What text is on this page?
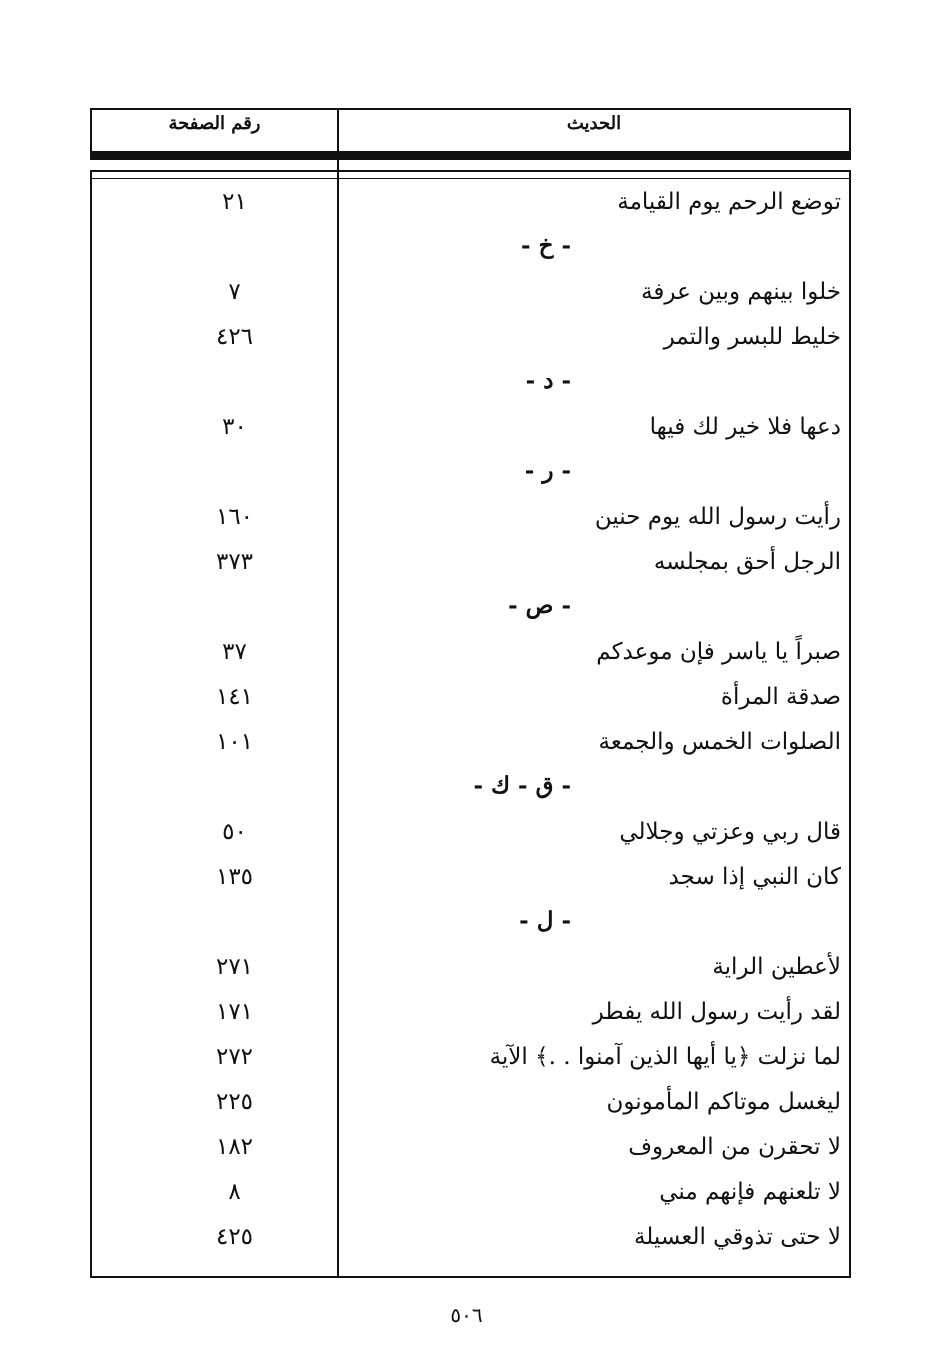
الحديث
رقم الصفحة
توضع الرحم يوم القيامة
٢١
- خ -
خلوا بينهم وبين عرفة
٧
خليط للبسر والتمر
٤٢٦
- د -
دعها فلا خير لك فيها
٣٠
- ر -
رأيت رسول الله يوم حنين
١٦٠
الرجل أحق بمجلسه
٣٧٣
- ص -
صبراً يا ياسر فإن موعدكم
٣٧
صدقة المرأة
١٤١
الصلوات الخمس والجمعة
١٠١
- ق - ك -
قال ربي وعزتي وجلالي
٥٠
كان النبي إذا سجد
١٣٥
- ل -
لأعطين الراية
٢٧١
لقد رأيت رسول الله يفطر
١٧١
لما نزلت ﴿يا أيها الذين آمنوا . .﴾ الآية
٢٧٢
ليغسل موتاكم المأمونون
٢٢٥
لا تحقرن من المعروف
١٨٢
لا تلعنهم فإنهم مني
٨
لا حتى تذوقي العسيلة
٤٢٥
٥٠٦
